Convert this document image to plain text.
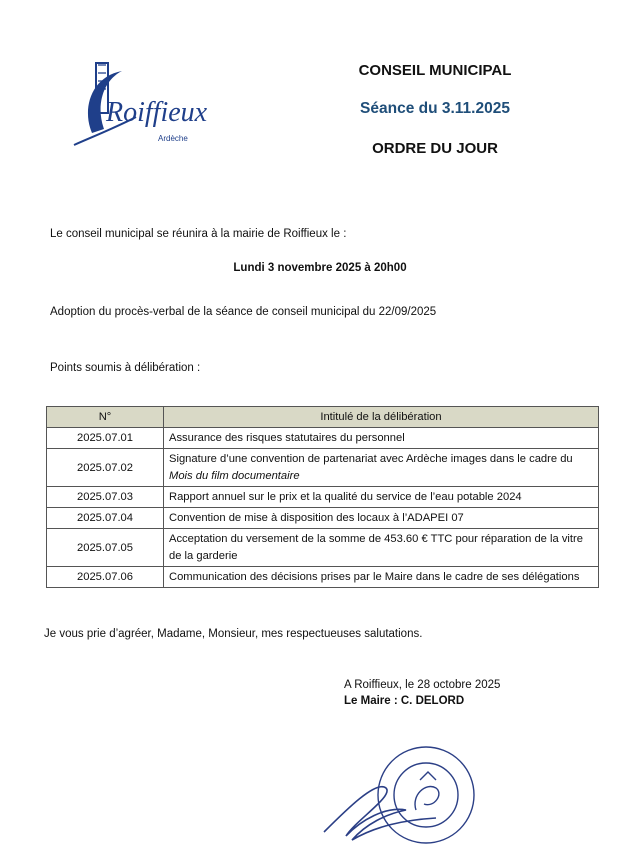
Roiffieux
Ardèche
CONSEIL MUNICIPAL
Séance du 3.11.2025
ORDRE DU JOUR
Le conseil municipal se réunira à la mairie de Roiffieux le :
Lundi 3 novembre 2025 à 20h00
Adoption du procès-verbal de la séance de conseil municipal du 22/09/2025
Points soumis à délibération :
N°	Intitulé de la délibération
2025.07.01	Assurance des risques statutaires du personnel
2025.07.02	Signature d’une convention de partenariat avec Ardèche images dans le cadre du Mois du film documentaire
2025.07.03	Rapport annuel sur le prix et la qualité du service de l’eau potable 2024
2025.07.04	Convention de mise à disposition des locaux à l’ADAPEI 07
2025.07.05	Acceptation du versement de la somme de 453.60 € TTC pour réparation de la vitre de la garderie
2025.07.06	Communication des décisions prises par le Maire dans le cadre de ses délégations
Je vous prie d’agréer, Madame, Monsieur, mes respectueuses salutations.
A Roiffieux, le 28 octobre 2025
Le Maire : C. DELORD
